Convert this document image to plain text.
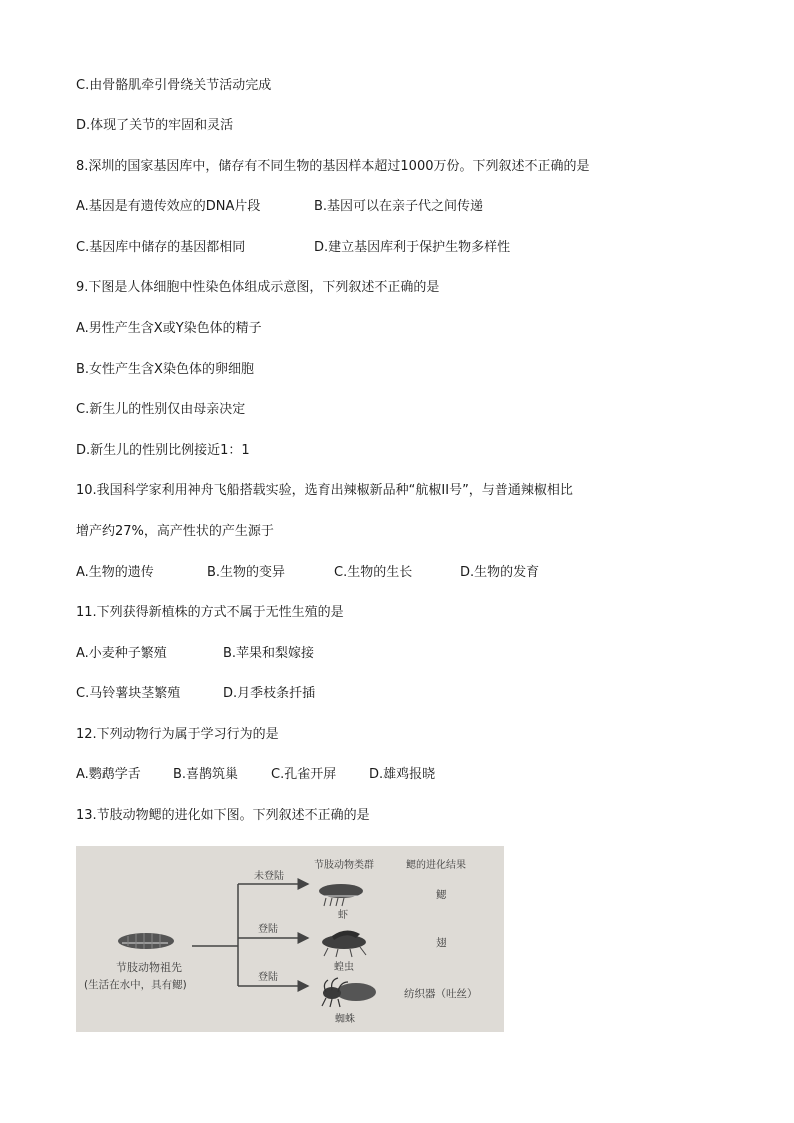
C.由骨骼肌牵引骨绕关节活动完成
D.体现了关节的牢固和灵活
8.深圳的国家基因库中，储存有不同生物的基因样本超过1000万份。下列叙述不正确的是
A.基因是有遗传效应的DNA片段	B.基因可以在亲子代之间传递
C.基因库中储存的基因都相同	D.建立基因库利于保护生物多样性
9.下图是人体细胞中性染色体组成示意图，下列叙述不正确的是
A.男性产生含X或Y染色体的精子
B.女性产生含X染色体的卵细胞
C.新生儿的性别仅由母亲决定
D.新生儿的性别比例接近1：1
10.我国科学家利用神舟飞船搭载实验，选育出辣椒新品种“航椒II号”，与普通辣椒相比
增产约27%，高产性状的产生源于
A.生物的遗传	B.生物的变异	C.生物的生长	D.生物的发育
11.下列获得新植株的方式不属于无性生殖的是
A.小麦种子繁殖	B.苹果和梨嫁接
C.马铃薯块茎繁殖	D.月季枝条扦插
12.下列动物行为属于学习行为的是
A.鹦鹉学舌 B.喜鹊筑巢	C.孔雀开屏	D.雄鸡报晓
13.节肢动物鳃的进化如下图。下列叙述不正确的是
节肢动物类群	鳃的进化结果
节肢动物祖先
(生活在水中，具有鳃)
未登陆
登陆
登陆
虾
蝗虫
蜘蛛
鳃
翅
纺织器（吐丝）
